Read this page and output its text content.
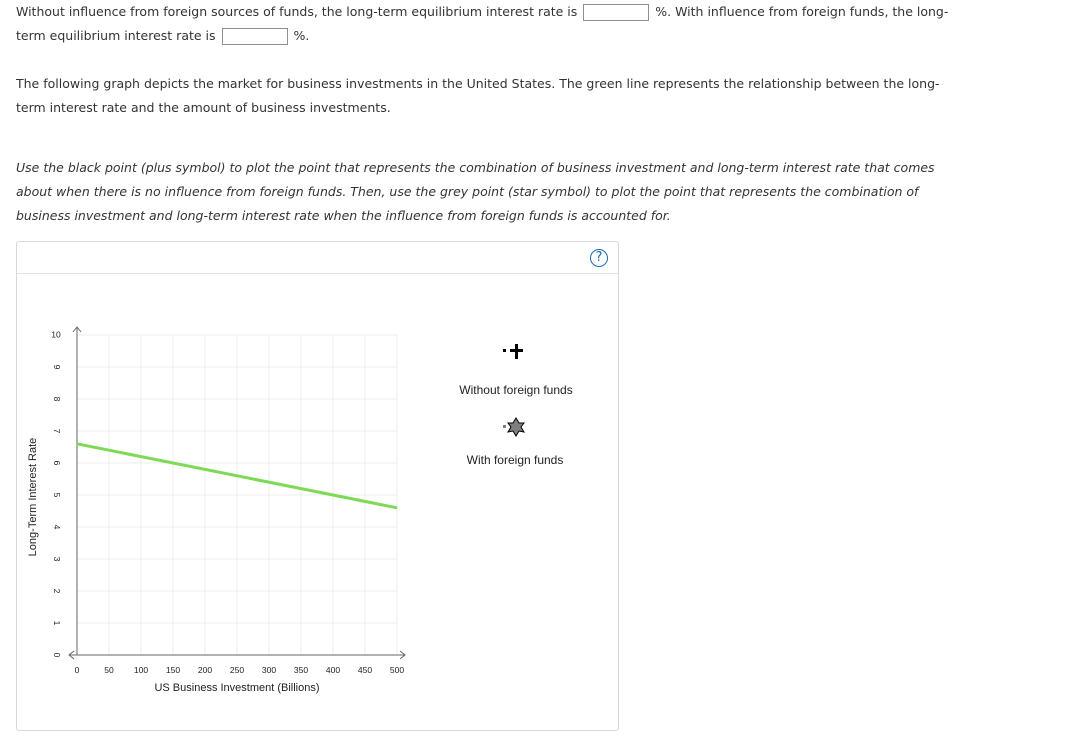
Without influence from foreign sources of funds, the long-term equilibrium interest rate is	%. With influence from foreign funds, the long-
term equilibrium interest rate is	%.
The following graph depicts the market for business investments in the United States. The green line represents the relationship between the long-
term interest rate and the amount of business investments.
Use the black point (plus symbol) to plot the point that represents the combination of business investment and long-term interest rate that comes
about when there is no influence from foreign funds. Then, use the grey point (star symbol) to plot the point that represents the combination of
business investment and long-term interest rate when the influence from foreign funds is accounted for.
?
0	50 100 150 200 250 300 350 400 450 500
0
1
2
3
4
5
6
7
8
9
10
US Business Investment (Billions)
Long-Term Interest Rate
Without foreign funds
With foreign funds
